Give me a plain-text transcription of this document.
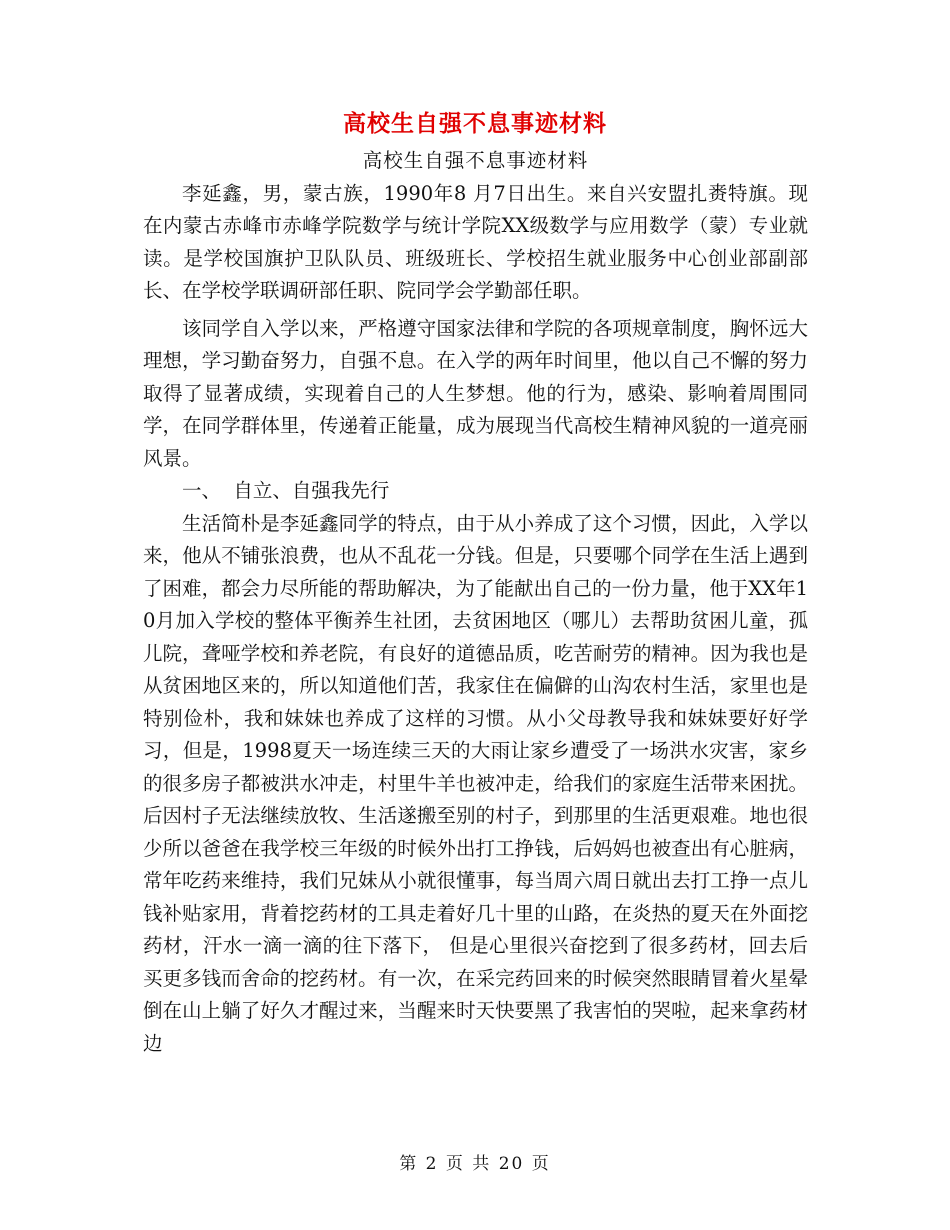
高校生自强不息事迹材料

高校生自强不息事迹材料

李延鑫，男，蒙古族，1990年8 月7日出生。来自兴安盟扎赉特旗。现在内蒙古赤峰市赤峰学院数学与统计学院XX级数学与应用数学（蒙）专业就读。是学校国旗护卫队队员、班级班长、学校招生就业服务中心创业部副部长、在学校学联调研部任职、院同学会学勤部任职。

该同学自入学以来，严格遵守国家法律和学院的各项规章制度，胸怀远大理想，学习勤奋努力，自强不息。在入学的两年时间里，他以自己不懈的努力取得了显著成绩，实现着自己的人生梦想。他的行为，感染、影响着周围同学，在同学群体里，传递着正能量，成为展现当代高校生精神风貌的一道亮丽风景。

一、  自立、自强我先行

生活简朴是李延鑫同学的特点，由于从小养成了这个习惯，因此，入学以来，他从不铺张浪费，也从不乱花一分钱。但是，只要哪个同学在生活上遇到了困难，都会力尽所能的帮助解决，为了能献出自己的一份力量，他于XX年10月加入学校的整体平衡养生社团，去贫困地区（哪儿）去帮助贫困儿童，孤儿院，聋哑学校和养老院，有良好的道德品质，吃苦耐劳的精神。因为我也是从贫困地区来的，所以知道他们苦，我家住在偏僻的山沟农村生活，家里也是特别俭朴，我和妹妹也养成了这样的习惯。从小父母教导我和妹妹要好好学习，但是，1998夏天一场连续三天的大雨让家乡遭受了一场洪水灾害，家乡的很多房子都被洪水冲走，村里牛羊也被冲走，给我们的家庭生活带来困扰。后因村子无法继续放牧、生活遂搬至别的村子，到那里的生活更艰难。地也很少所以爸爸在我学校三年级的时候外出打工挣钱，后妈妈也被查出有心脏病，常年吃药来维持，我们兄妹从小就很懂事，每当周六周日就出去打工挣一点儿钱补贴家用，背着挖药材的工具走着好几十里的山路，在炎热的夏天在外面挖药材，汗水一滴一滴的往下落下， 但是心里很兴奋挖到了很多药材，回去后买更多钱而舍命的挖药材。有一次，在采完药回来的时候突然眼睛冒着火星晕倒在山上躺了好久才醒过来，当醒来时天快要黑了我害怕的哭啦，起来拿药材边

第 2 页 共 20 页
